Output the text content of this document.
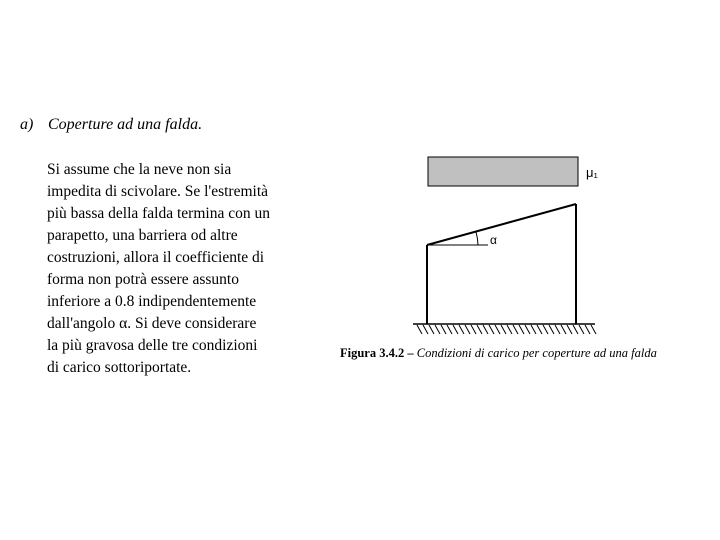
a) Coperture ad una falda.
Si assume che la neve non sia
impedita di scivolare. Se l'estremità
più bassa della falda termina con un
parapetto, una barriera od altre
costruzioni, allora il coefficiente di
forma non potrà essere assunto
inferiore a 0.8 indipendentemente
dall'angolo α. Si deve considerare
la più gravosa delle tre condizioni
di carico sottoriportate.
μ₁
α
Figura 3.4.2 – Condizioni di carico per coperture ad una falda
